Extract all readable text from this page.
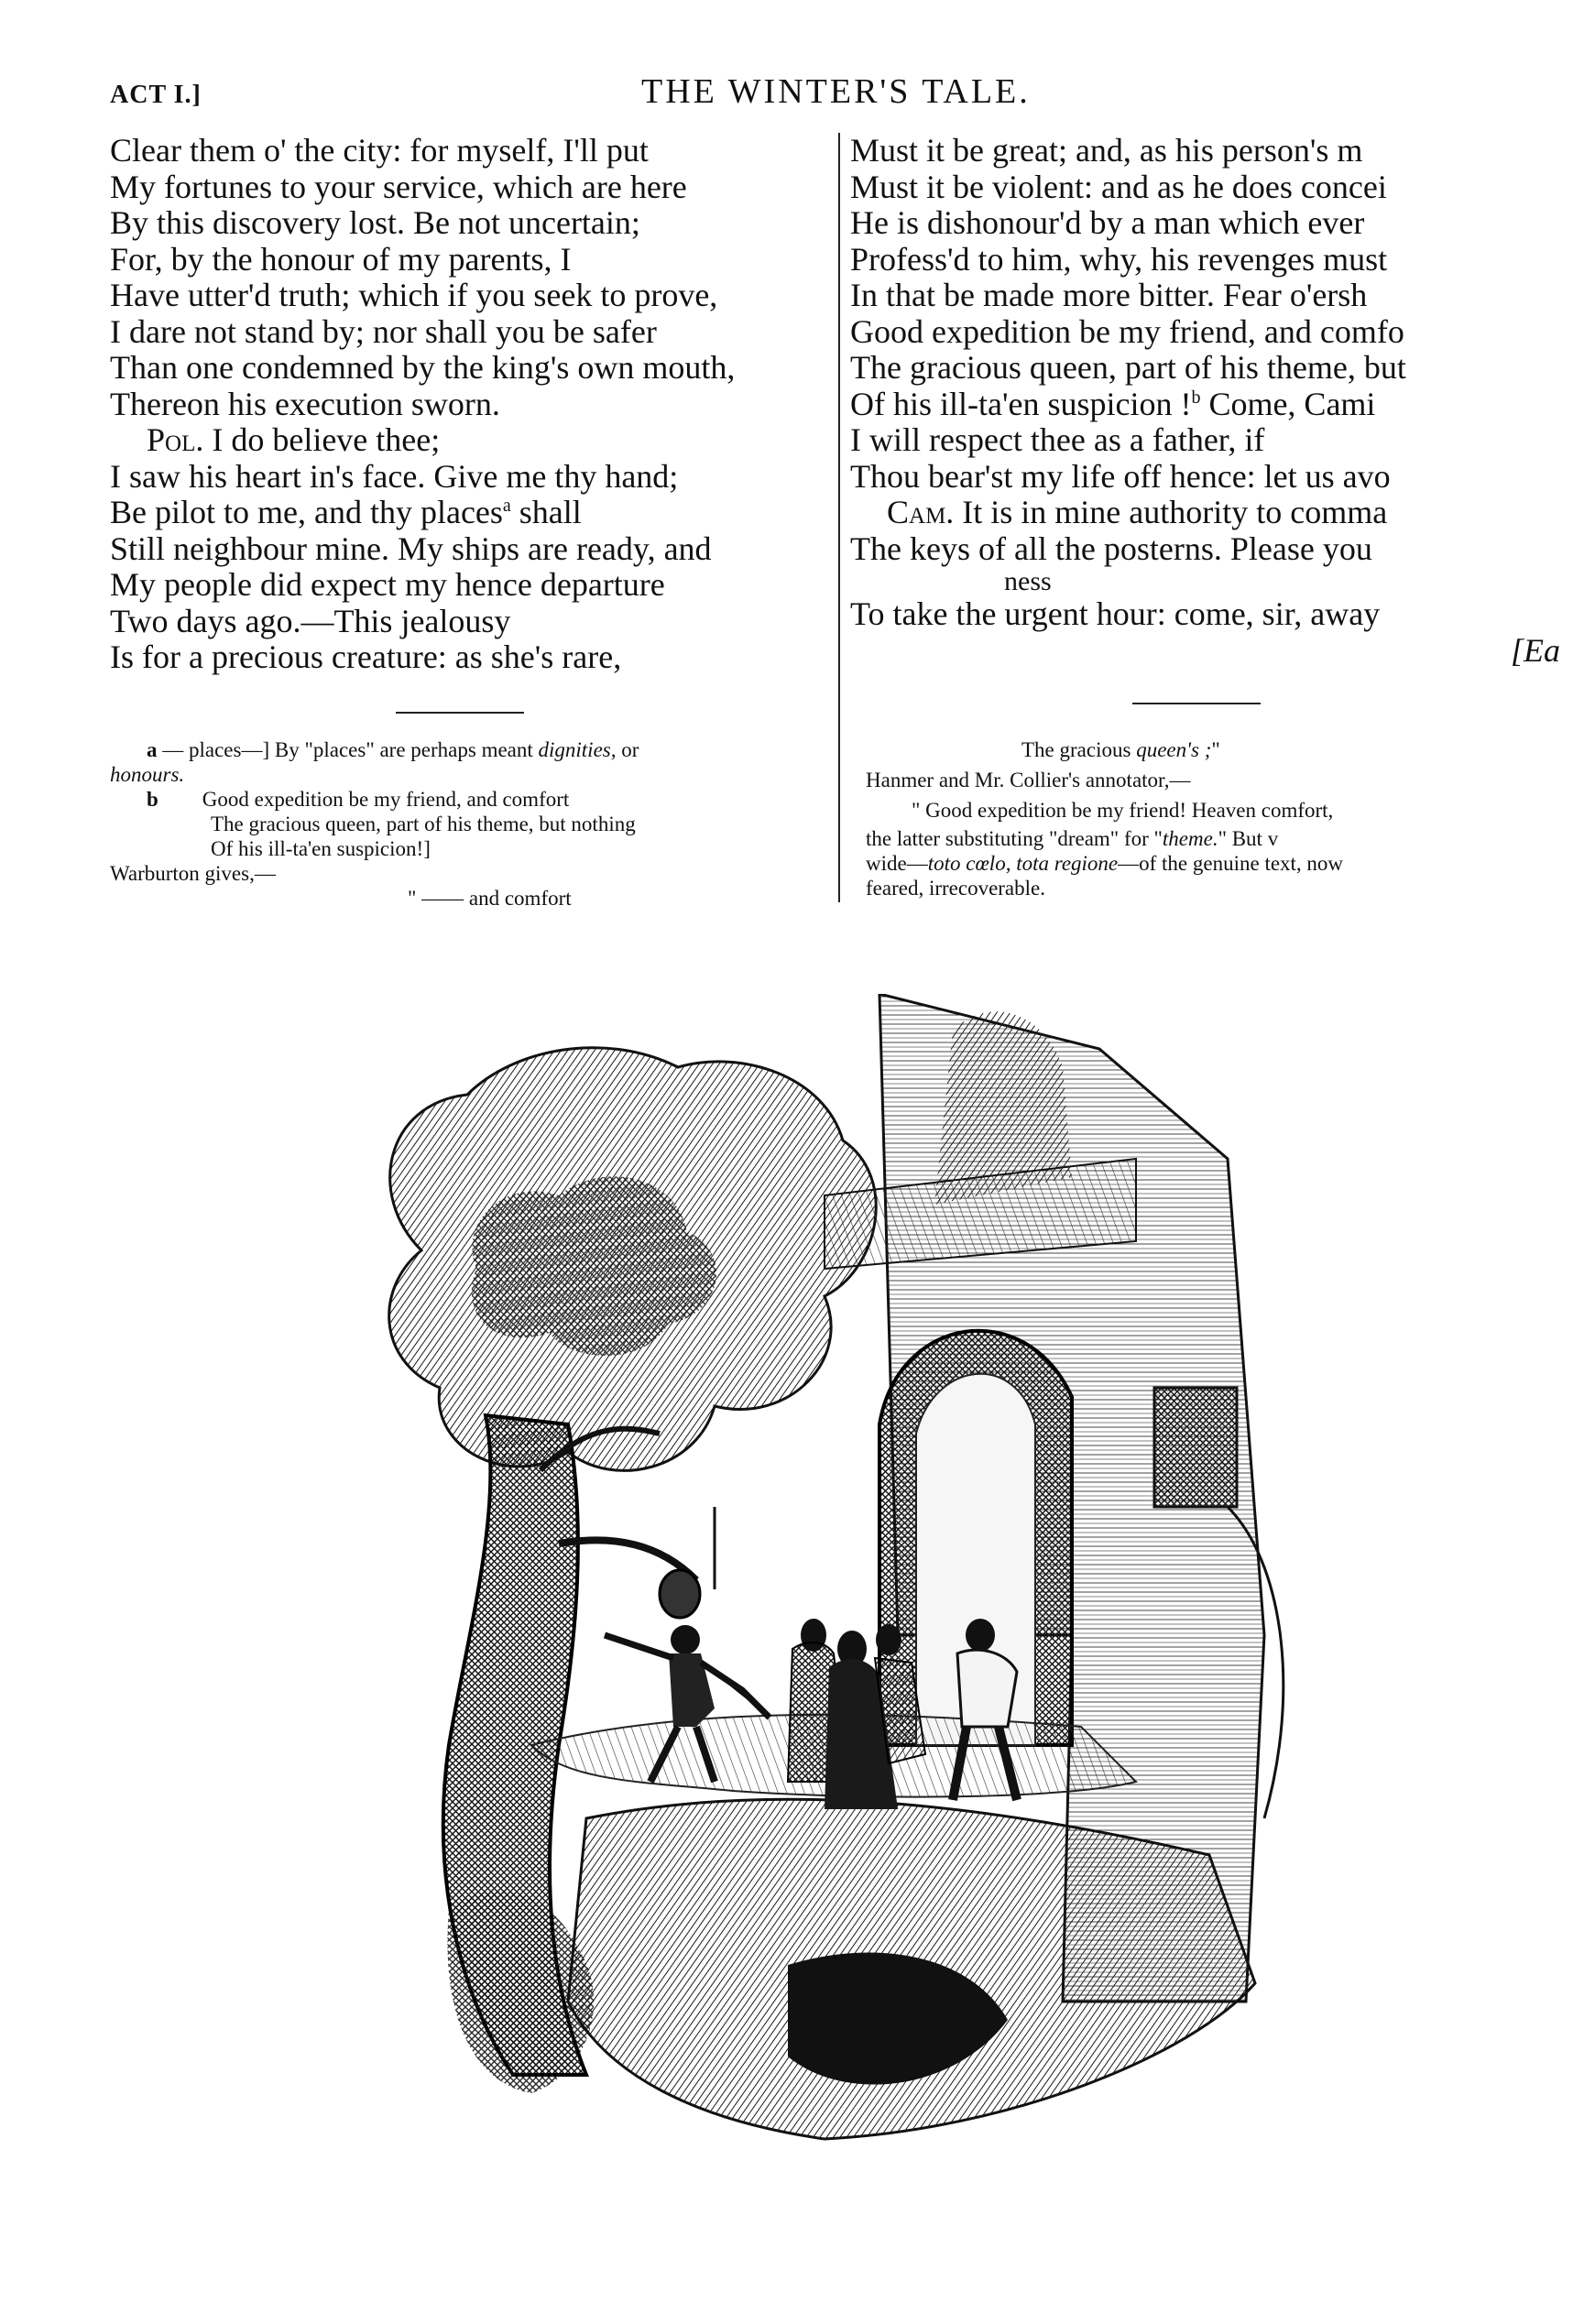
ACT I.]	THE WINTER'S TALE.
Clear them o' the city: for myself, I'll put
My fortunes to your service, which are here
By this discovery lost. Be not uncertain;
For, by the honour of my parents, I
Have utter'd truth; which if you seek to prove,
I dare not stand by; nor shall you be safer
Than one condemned by the king's own mouth,
Thereon his execution sworn.
Pol. I do believe thee;
I saw his heart in's face. Give me thy hand;
Be pilot to me, and thy places$^a$ shall
Still neighbour mine. My ships are ready, and
My people did expect my hence departure
Two days ago.—This jealousy
Is for a precious creature: as she's rare,
Must it be great; and, as his person's m
Must it be violent: and as he does concei
He is dishonour'd by a man which ever
Profess'd to him, why, his revenges must
In that be made more bitter. Fear o'ersh
Good expedition be my friend, and comfo
The gracious queen, part of his theme, but
Of his ill-ta'en suspicion !$^b$ Come, Cami
I will respect thee as a father, if
Thou bear'st my life off hence: let us avo
Cam. It is in mine authority to comma
The keys of all the posterns. Please you
ness
To take the urgent hour: come, sir, away
[Ea
a — places—] By "places" are perhaps meant dignities, or
honours.
b Good expedition be my friend, and comfort
The gracious queen, part of his theme, but nothing
Of his ill-ta'en suspicion!]
Warburton gives,—
" —— and comfort
The gracious queen's ;"
Hanmer and Mr. Collier's annotator,—
" Good expedition be my friend! Heaven comfort,
the latter substituting "dream" for "theme." But v
wide—toto cœlo, tota regione—of the genuine text, now
feared, irrecoverable.
